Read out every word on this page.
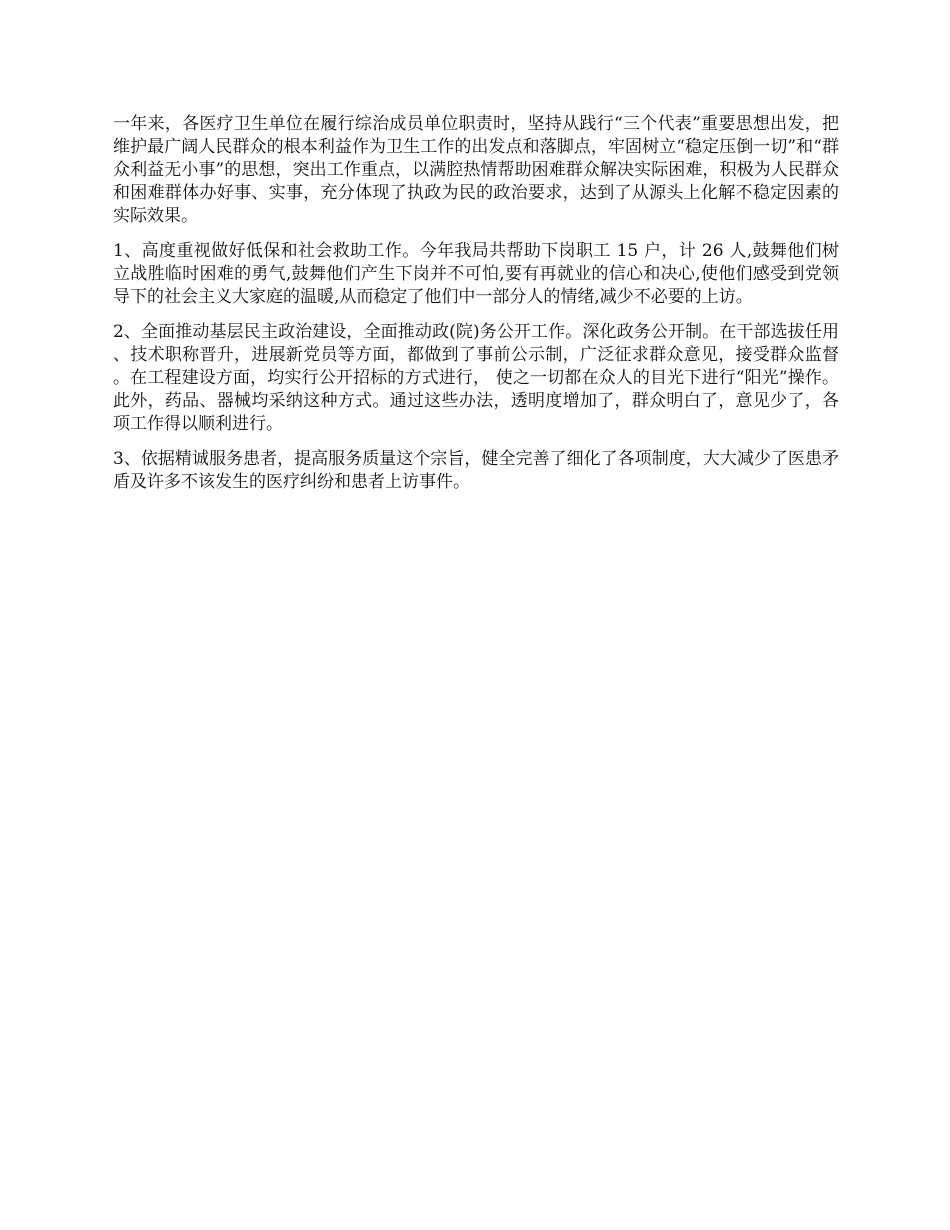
一年来，各医疗卫生单位在履行综治成员单位职责时，坚持从践行“三个代表”重要思想出发，把维护最广阔人民群众的根本利益作为卫生工作的出发点和落脚点，牢固树立“稳定压倒一切”和“群众利益无小事”的思想，突出工作重点，以满腔热情帮助困难群众解决实际困难，积极为人民群众和困难群体办好事、实事，充分体现了执政为民的政治要求，达到了从源头上化解不稳定因素的实际效果。

1、高度重视做好低保和社会救助工作。今年我局共帮助下岗职工 15 户，计 26 人,鼓舞他们树立战胜临时困难的勇气,鼓舞他们产生下岗并不可怕,要有再就业的信心和决心,使他们感受到党领导下的社会主义大家庭的温暖,从而稳定了他们中一部分人的情绪,减少不必要的上访。

2、全面推动基层民主政治建设，全面推动政(院)务公开工作。深化政务公开制。在干部选拔任用、技术职称晋升，进展新党员等方面，都做到了事前公示制，广泛征求群众意见，接受群众监督。在工程建设方面，均实行公开招标的方式进行， 使之一切都在众人的目光下进行“阳光”操作。此外，药品、器械均采纳这种方式。通过这些办法，透明度增加了，群众明白了，意见少了，各项工作得以顺利进行。

3、依据精诚服务患者，提高服务质量这个宗旨，健全完善了细化了各项制度，大大减少了医患矛盾及许多不该发生的医疗纠纷和患者上访事件。
